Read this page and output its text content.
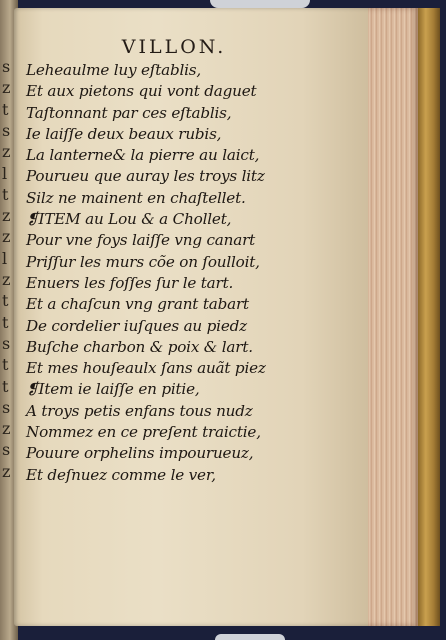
s
z
t
s
z
l
t
z
z
l
z
t
t
s
t
t
s
z
s
z
VILLON.
Leheaulme luy eſtablis,
Et aux pietons qui vont daguet
Taſtonnant par ces eſtablis,
Ie laiſſe deux beaux rubis,
La lanterne& la pierre au laict,
Pourueu que auray les troys litz
Silz ne mainent en chaſtellet.
❡ITEM au Lou & a Chollet,
Pour vne foys laiſſe vng canart
Priſſur les murs cõe on ſoulloit,
Enuers les foſſes ſur le tart.
Et a chaſcun vng grant tabart
De cordelier iuſques au piedz
Buſche charbon & poix & lart.
Et mes houſeaulx ſans auãt piez
❡Item ie laiſſe en pitie,
A troys petis enfans tous nudz
Nommez en ce preſent traictie,
Pouure orphelins impourueuz,
Et deſnuez comme le ver,
